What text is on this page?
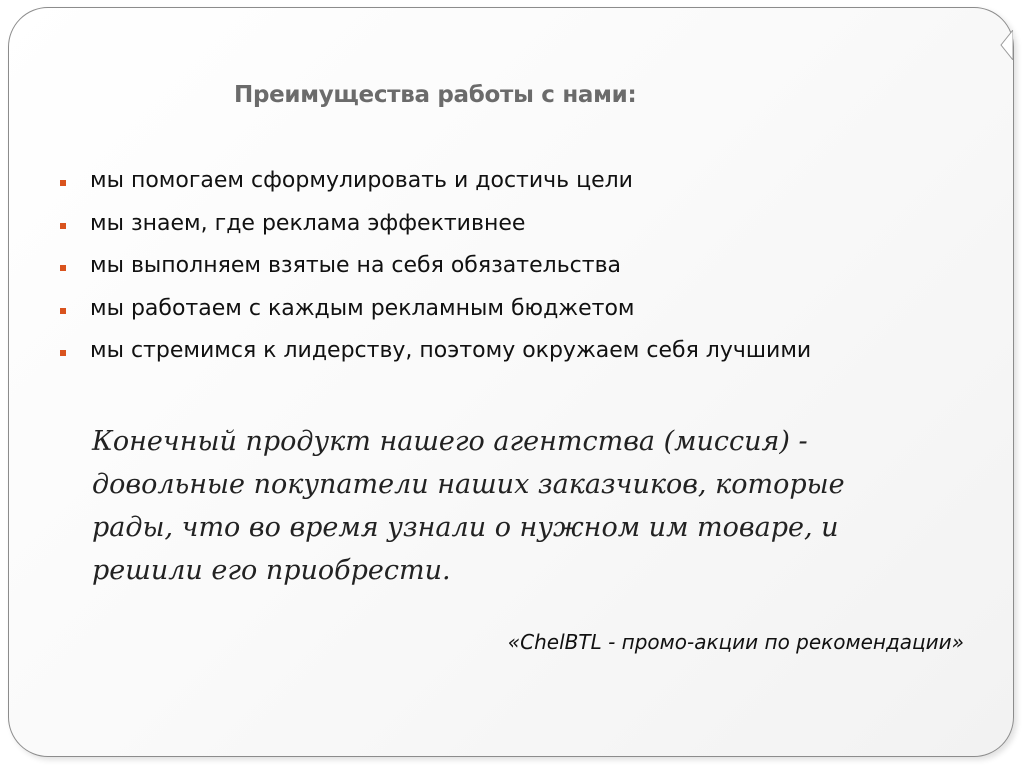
Преимущества работы с нами:
мы помогаем сформулировать и достичь цели
мы знаем, где реклама эффективнее
мы выполняем взятые на себя обязательства
мы работаем с каждым рекламным бюджетом
мы стремимся к лидерству, поэтому окружаем себя лучшими

Конечный продукт нашего агентства (миссия) - довольные покупатели наших заказчиков, которые рады, что во время узнали о нужном им товаре, и решили его приобрести.

«ChelBTL - промо-акции по рекомендации»
